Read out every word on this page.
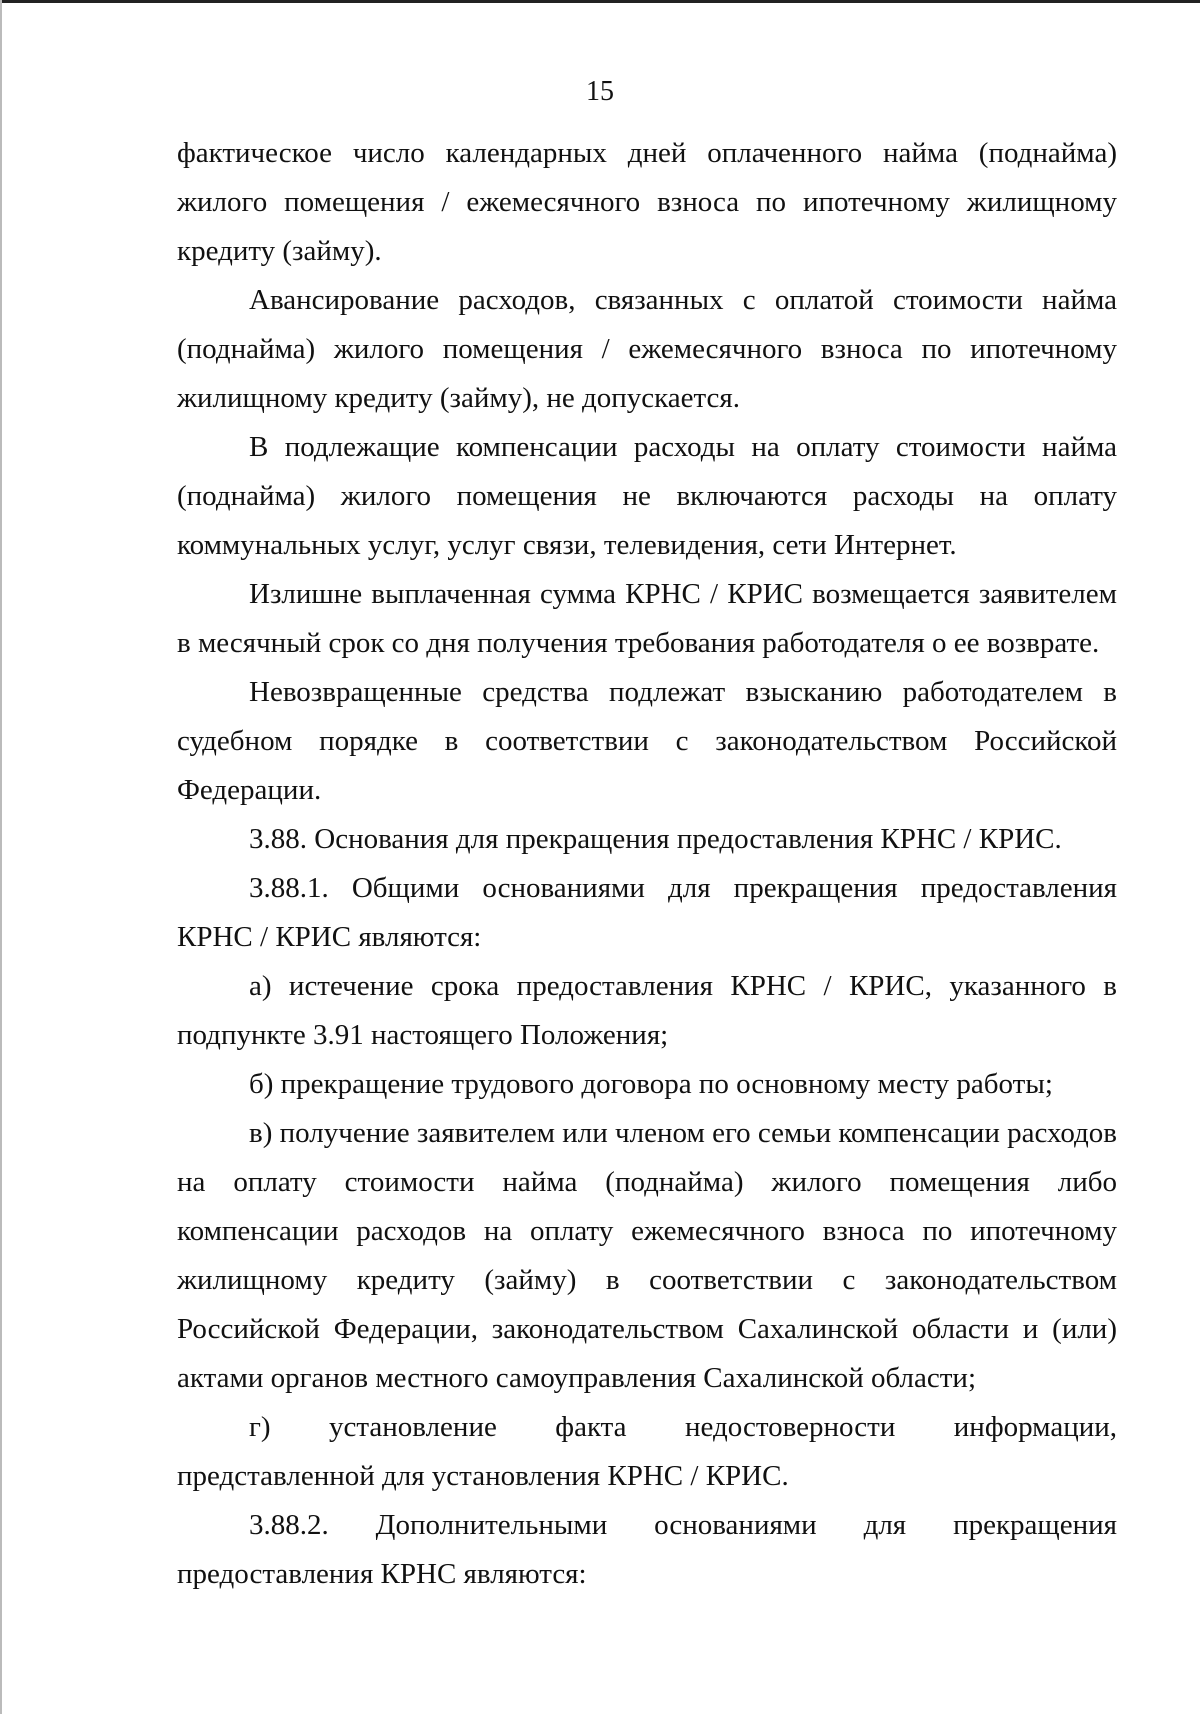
15

фактическое число календарных дней оплаченного найма (поднайма) жилого помещения / ежемесячного взноса по ипотечному жилищному кредиту (займу).

Авансирование расходов, связанных с оплатой стоимости найма (поднайма) жилого помещения / ежемесячного взноса по ипотечному жилищному кредиту (займу), не допускается.

В подлежащие компенсации расходы на оплату стоимости найма (поднайма) жилого помещения не включаются расходы на оплату коммунальных услуг, услуг связи, телевидения, сети Интернет.

Излишне выплаченная сумма КРНС / КРИС возмещается заявителем в месячный срок со дня получения требования работодателя о ее возврате.

Невозвращенные средства подлежат взысканию работодателем в судебном порядке в соответствии с законодательством Российской Федерации.

3.88. Основания для прекращения предоставления КРНС / КРИС.

3.88.1. Общими основаниями для прекращения предоставления КРНС / КРИС являются:

а) истечение срока предоставления КРНС / КРИС, указанного в подпункте 3.91 настоящего Положения;

б) прекращение трудового договора по основному месту работы;

в) получение заявителем или членом его семьи компенсации расходов на оплату стоимости найма (поднайма) жилого помещения либо компенсации расходов на оплату ежемесячного взноса по ипотечному жилищному кредиту (займу) в соответствии с законодательством Российской Федерации, законодательством Сахалинской области и (или) актами органов местного самоуправления Сахалинской области;

г) установление факта недостоверности информации, представленной для установления КРНС / КРИС.

3.88.2. Дополнительными основаниями для прекращения предоставления КРНС являются:
